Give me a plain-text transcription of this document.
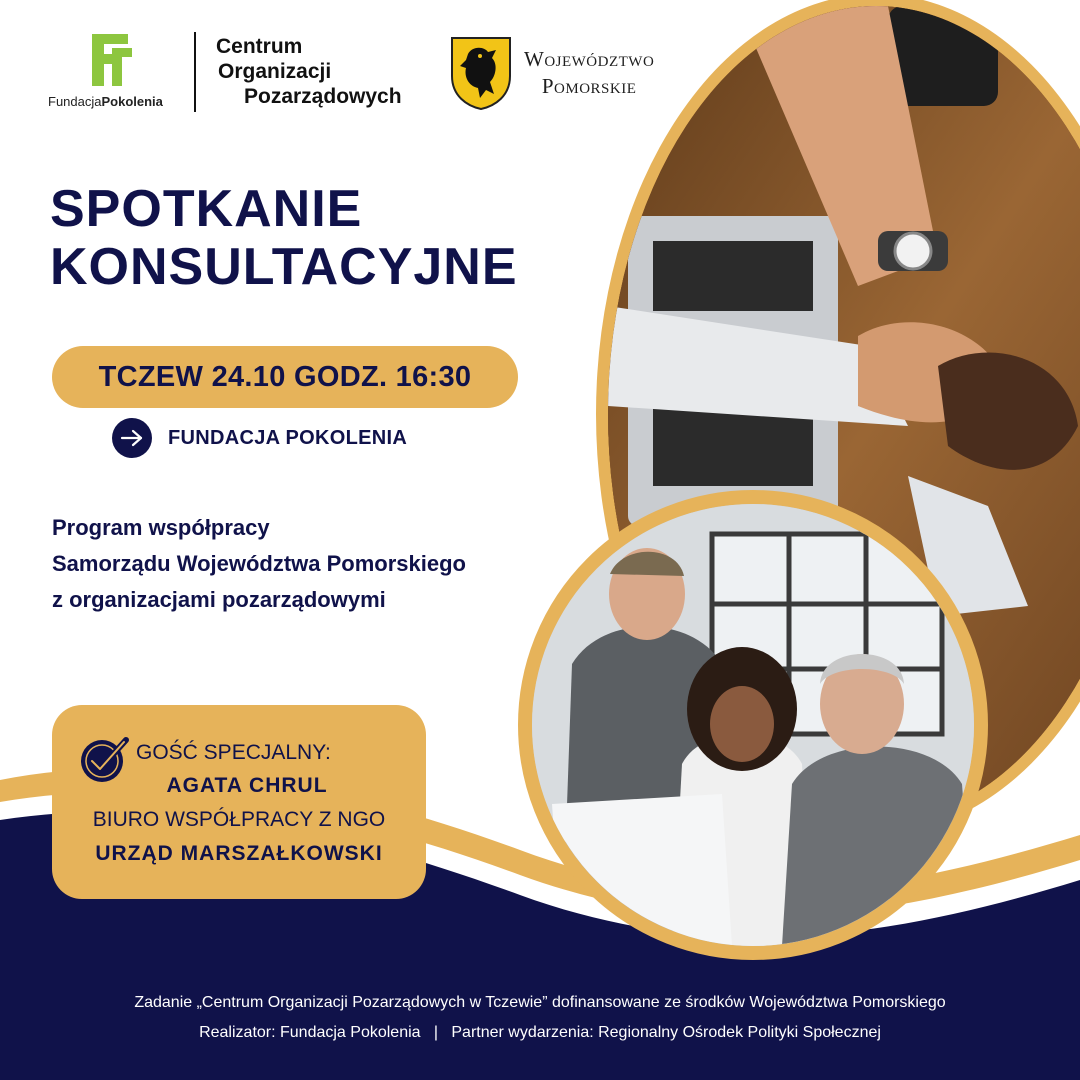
FundacjaPokolenia
Centrum
Organizacji
Pozarządowych
Województwo
Pomorskie
SPOTKANIE
KONSULTACYJNE
TCZEW 24.10 GODZ. 16:30
FUNDACJA POKOLENIA
Program współpracy
Samorządu Województwa Pomorskiego
z organizacjami pozarządowymi
GOŚĆ SPECJALNY:
AGATA CHRUL
BIURO WSPÓŁPRACY Z NGO
URZĄD MARSZAŁKOWSKI
Zadanie „Centrum Organizacji Pozarządowych w Tczewie” dofinansowane ze środków Województwa Pomorskiego
Realizator: Fundacja Pokolenia   |   Partner wydarzenia: Regionalny Ośrodek Polityki Społecznej
